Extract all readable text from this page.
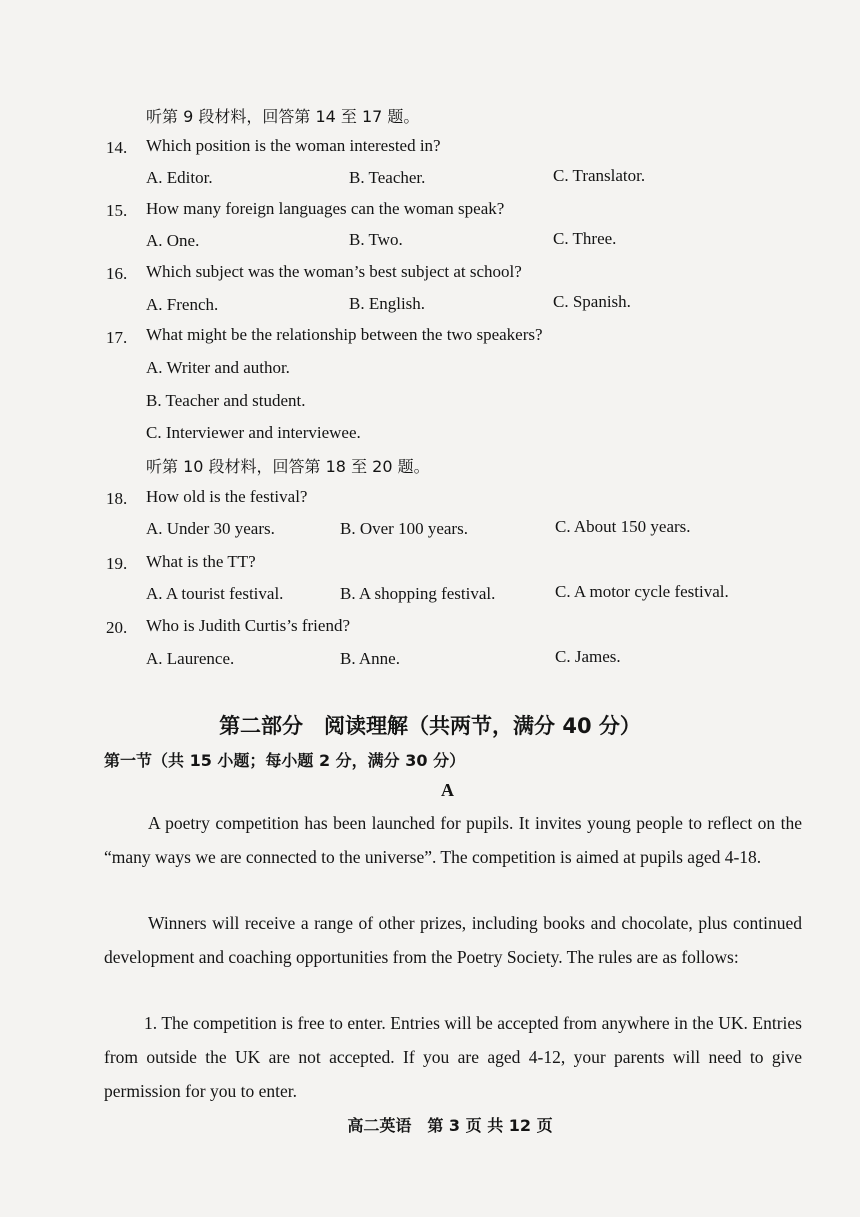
听第 9 段材料，回答第 14 至 17 题。
14. Which position is the woman interested in?
A. Editor.	B. Teacher.	C. Translator.
15. How many foreign languages can the woman speak?
A. One.	B. Two.	C. Three.
16. Which subject was the woman’s best subject at school?
A. French.	B. English.	C. Spanish.
17. What might be the relationship between the two speakers?
A. Writer and author.
B. Teacher and student.
C. Interviewer and interviewee.
听第 10 段材料，回答第 18 至 20 题。
18. How old is the festival?
A. Under 30 years.	B. Over 100 years.	C. About 150 years.
19. What is the TT?
A. A tourist festival.	B. A shopping festival.	C. A motor cycle festival.
20. Who is Judith Curtis’s friend?
A. Laurence.	B. Anne.	C. James.
第二部分　阅读理解（共两节，满分 40 分）
第一节（共 15 小题；每小题 2 分，满分 30 分）
A
A poetry competition has been launched for pupils. It invites young people to reflect on the “many ways we are connected to the universe”. The competition is aimed at pupils aged 4-18.
Winners will receive a range of other prizes, including books and chocolate, plus continued development and coaching opportunities from the Poetry Society. The rules are as follows:
1. The competition is free to enter. Entries will be accepted from anywhere in the UK. Entries from outside the UK are not accepted. If you are aged 4-12, your parents will need to give permission for you to enter.
高二英语　第 3 页 共 12 页
